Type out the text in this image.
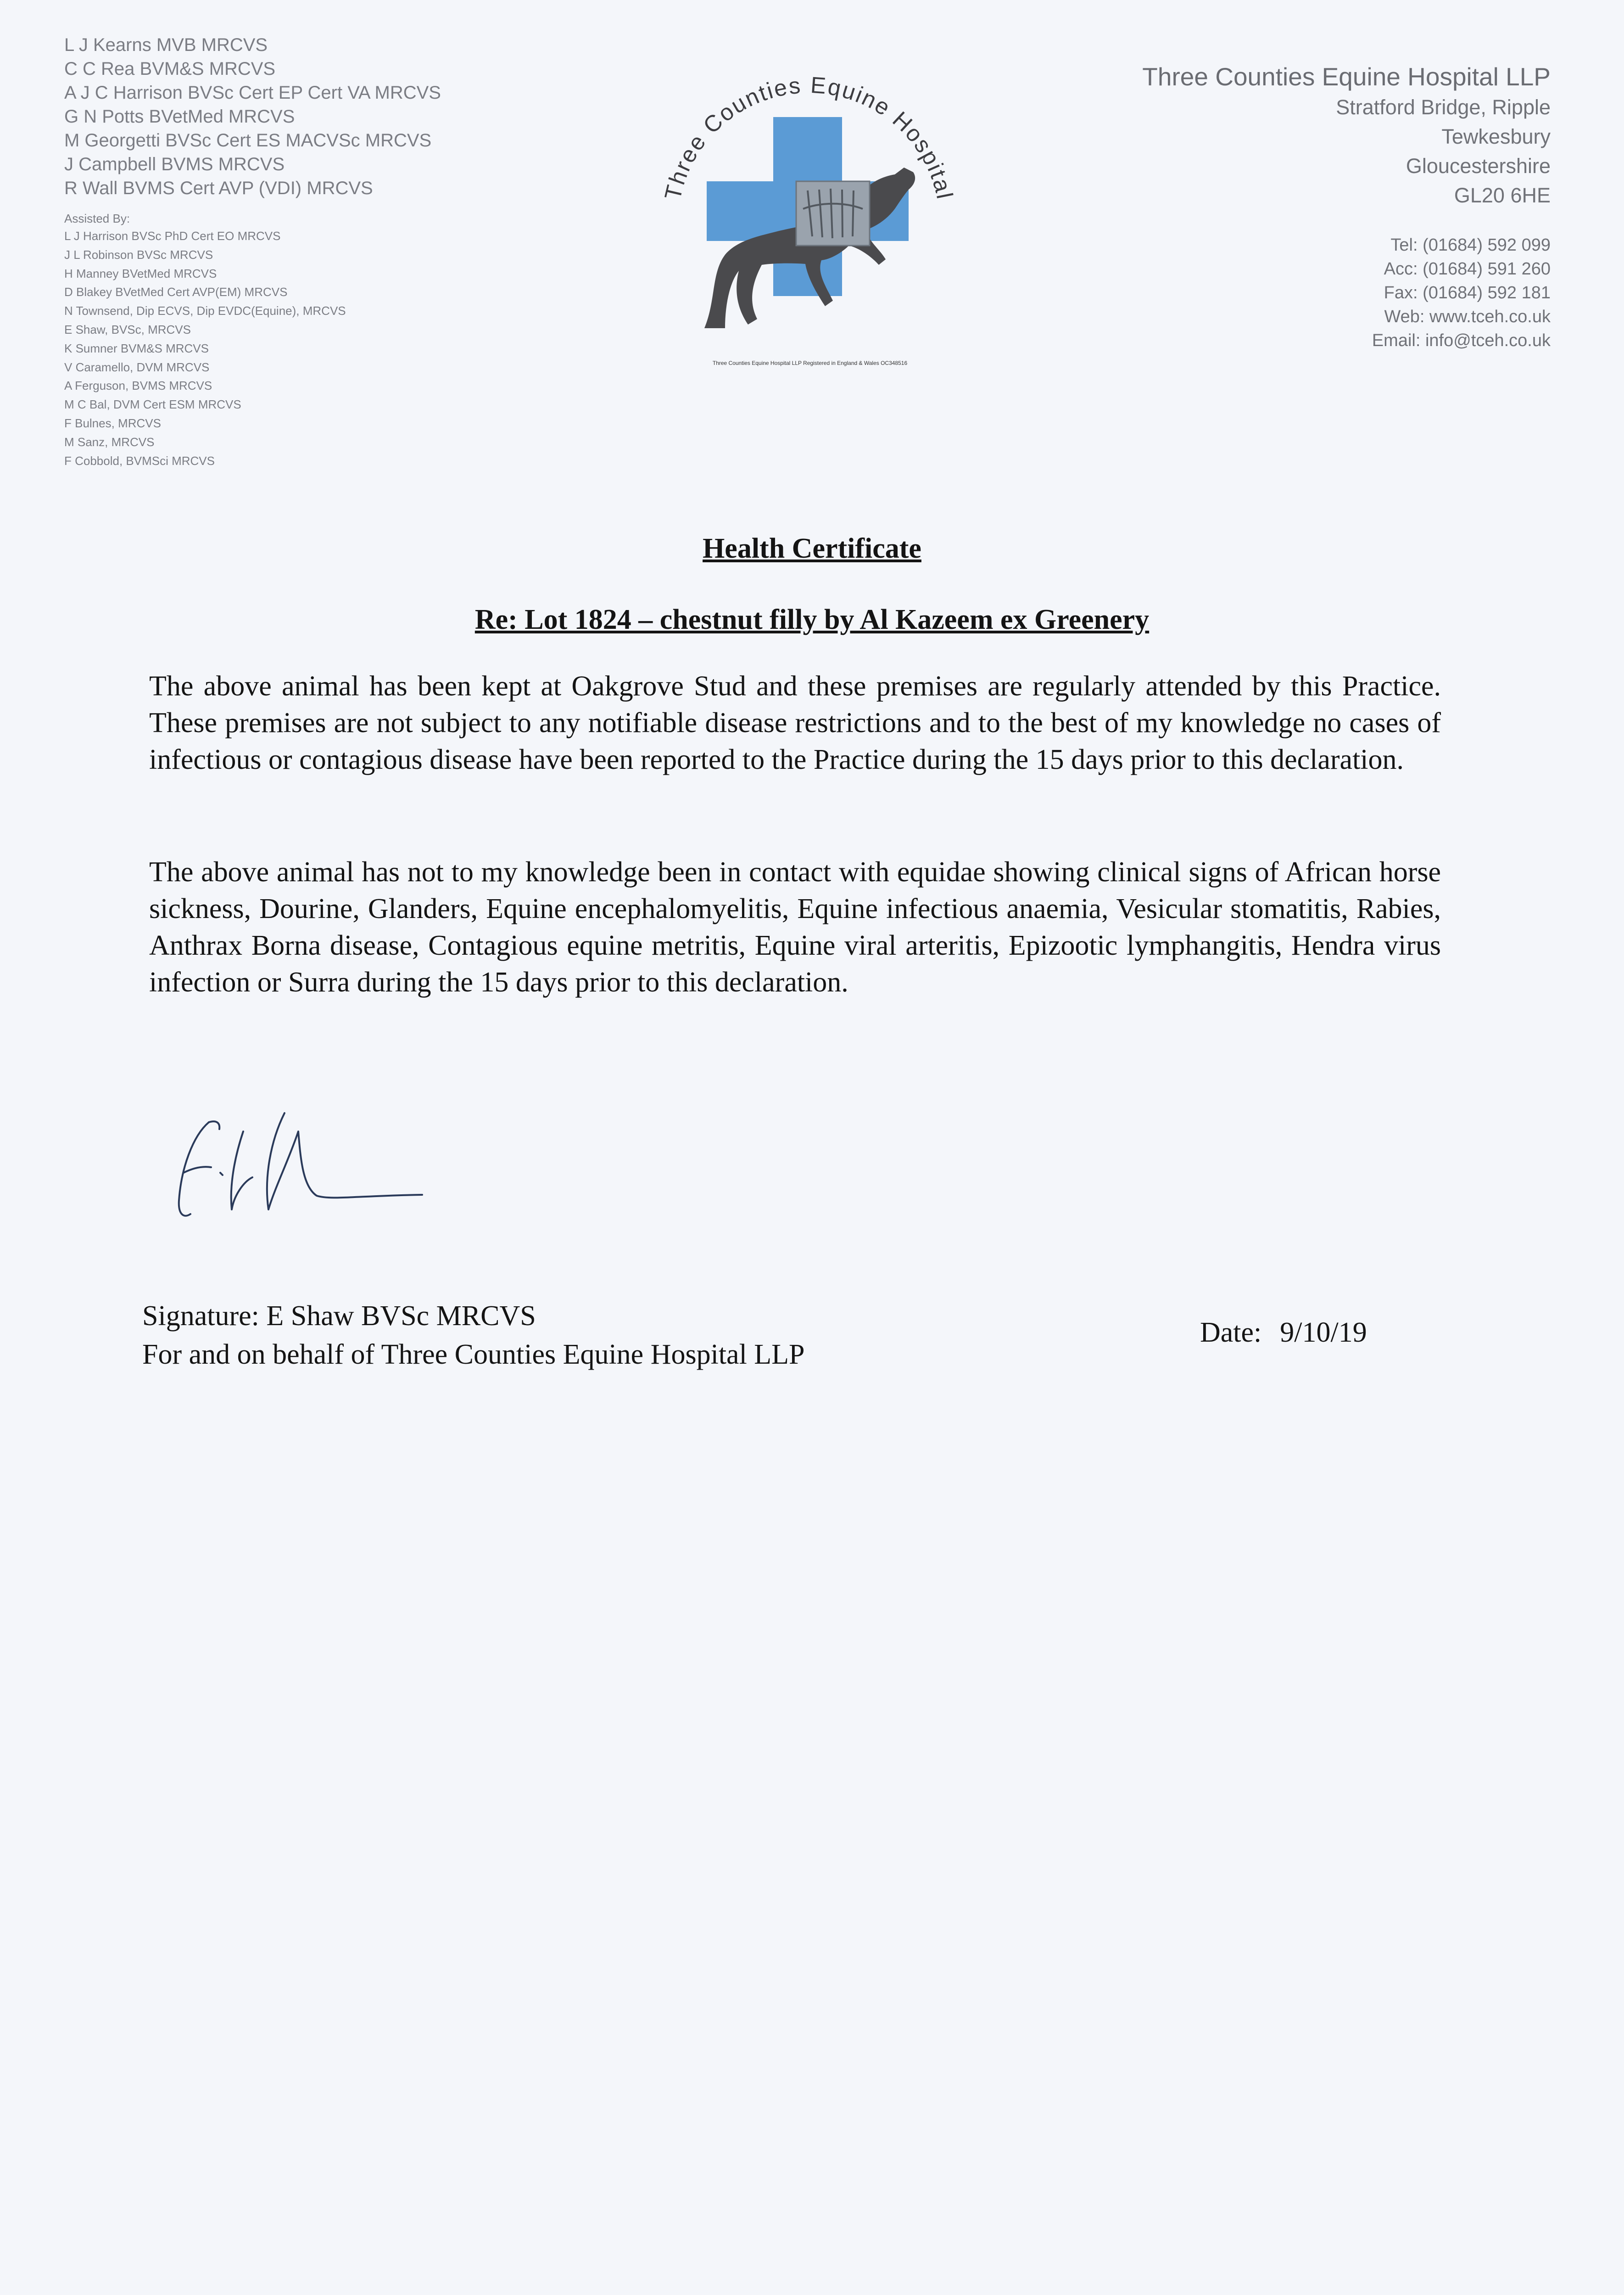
L J Kearns MVB MRCVS
C C Rea BVM&S MRCVS
A J C Harrison BVSc Cert EP Cert VA MRCVS
G N Potts BVetMed MRCVS
M Georgetti BVSc Cert ES MACVSc MRCVS
J Campbell BVMS MRCVS
R Wall BVMS Cert AVP (VDI) MRCVS
Assisted By:
L J Harrison BVSc PhD Cert EO MRCVS
J L Robinson BVSc MRCVS
H Manney BVetMed MRCVS
D Blakey BVetMed Cert AVP(EM) MRCVS
N Townsend, Dip ECVS, Dip EVDC(Equine), MRCVS
E Shaw, BVSc, MRCVS
K Sumner BVM&S MRCVS
V Caramello, DVM MRCVS
A Ferguson, BVMS MRCVS
M C Bal, DVM Cert ESM MRCVS
F Bulnes, MRCVS
M Sanz, MRCVS
F Cobbold, BVMSci MRCVS
Three Counties Equine Hospital
Three Counties Equine Hospital LLP Registered in England & Wales OC348516
Three Counties Equine Hospital LLP
Stratford Bridge, Ripple
Tewkesbury
Gloucestershire
GL20 6HE
Tel: (01684) 592 099
Acc: (01684) 591 260
Fax: (01684) 592 181
Web: www.tceh.co.uk
Email: info@tceh.co.uk
Health Certificate
Re: Lot 1824 – chestnut filly by Al Kazeem ex Greenery

The above animal has been kept at Oakgrove Stud and these premises are regularly attended by this Practice. These premises are not subject to any notifiable disease restrictions and to the best of my knowledge no cases of infectious or contagious disease have been reported to the Practice during the 15 days prior to this declaration.

The above animal has not to my knowledge been in contact with equidae showing clinical signs of African horse sickness, Dourine, Glanders, Equine encephalomyelitis, Equine infectious anaemia, Vesicular stomatitis, Rabies, Anthrax Borna disease, Contagious equine metritis, Equine viral arteritis, Epizootic lymphangitis, Hendra virus infection or Surra during the 15 days prior to this declaration.

Signature: E Shaw BVSc MRCVS
For and on behalf of Three Counties Equine Hospital LLP
Date: 9/10/19
